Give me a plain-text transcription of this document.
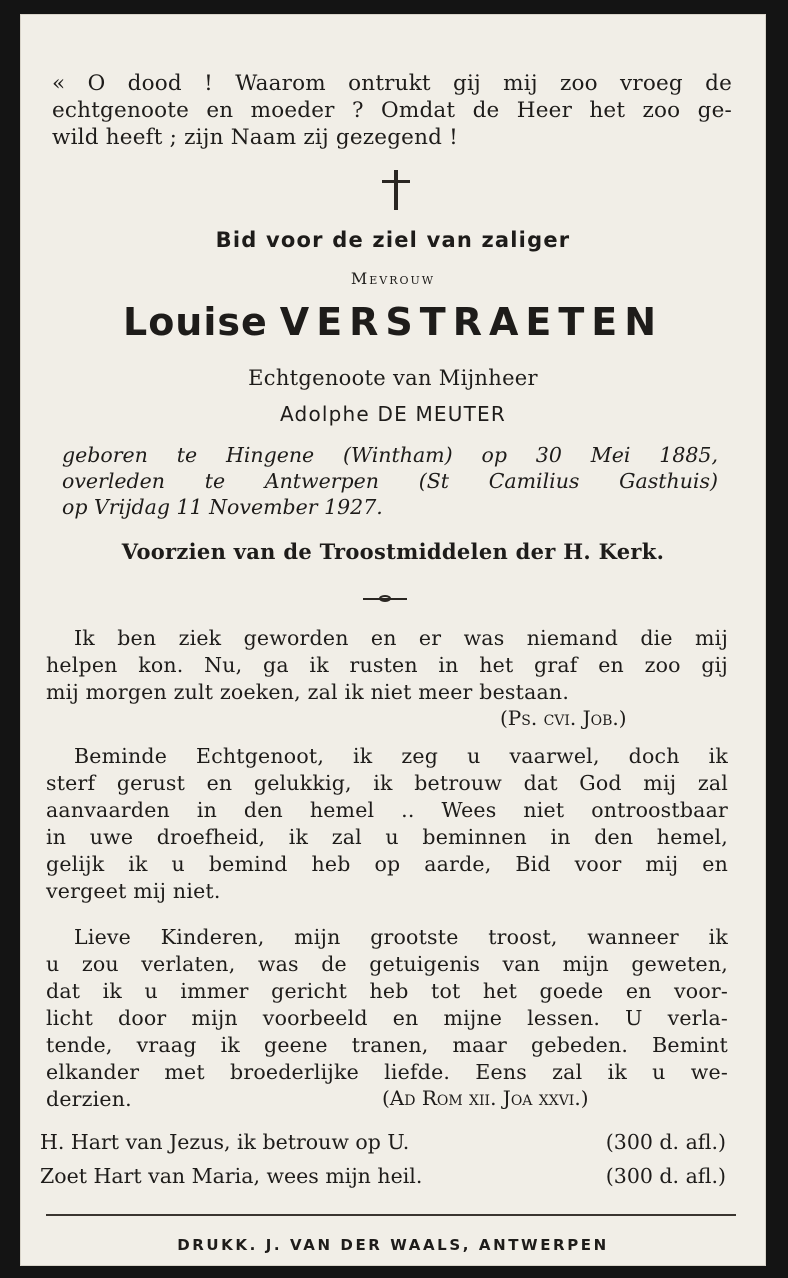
« O dood ! Waarom ontrukt gij mij zoo vroeg de
echtgenoote en moeder ? Omdat de Heer het zoo ge-
wild heeft ; zijn Naam zij gezegend !
Bid voor de ziel van zaliger
Mevrouw
Louise VERSTRAETEN
Echtgenoote van Mijnheer
Adolphe DE MEUTER
geboren te Hingene (Wintham) op 30 Mei 1885,
overleden te Antwerpen (St Camilius Gasthuis)
op Vrijdag 11 November 1927.
Voorzien van de Troostmiddelen der H. Kerk.
Ik ben ziek geworden en er was niemand die mij
helpen kon. Nu, ga ik rusten in het graf en zoo gij
mij morgen zult zoeken, zal ik niet meer bestaan.
(Ps. cvi. Job.)
Beminde Echtgenoot, ik zeg u vaarwel, doch ik
sterf gerust en gelukkig, ik betrouw dat God mij zal
aanvaarden in den hemel .. Wees niet ontroostbaar
in uwe droefheid, ik zal u beminnen in den hemel,
gelijk ik u bemind heb op aarde, Bid voor mij en
vergeet mij niet.
Lieve Kinderen, mijn grootste troost, wanneer ik
u zou verlaten, was de getuigenis van mijn geweten,
dat ik u immer gericht heb tot het goede en voor-
licht door mijn voorbeeld en mijne lessen. U verla-
tende, vraag ik geene tranen, maar gebeden. Bemint
elkander met broederlijke liefde. Eens zal ik u we-
derzien.	(Ad Rom xii. Joa xxvi.)
H. Hart van Jezus, ik betrouw op U.	(300 d. afl.)
Zoet Hart van Maria, wees mijn heil.	(300 d. afl.)
DRUKK. J. VAN DER WAALS, ANTWERPEN
